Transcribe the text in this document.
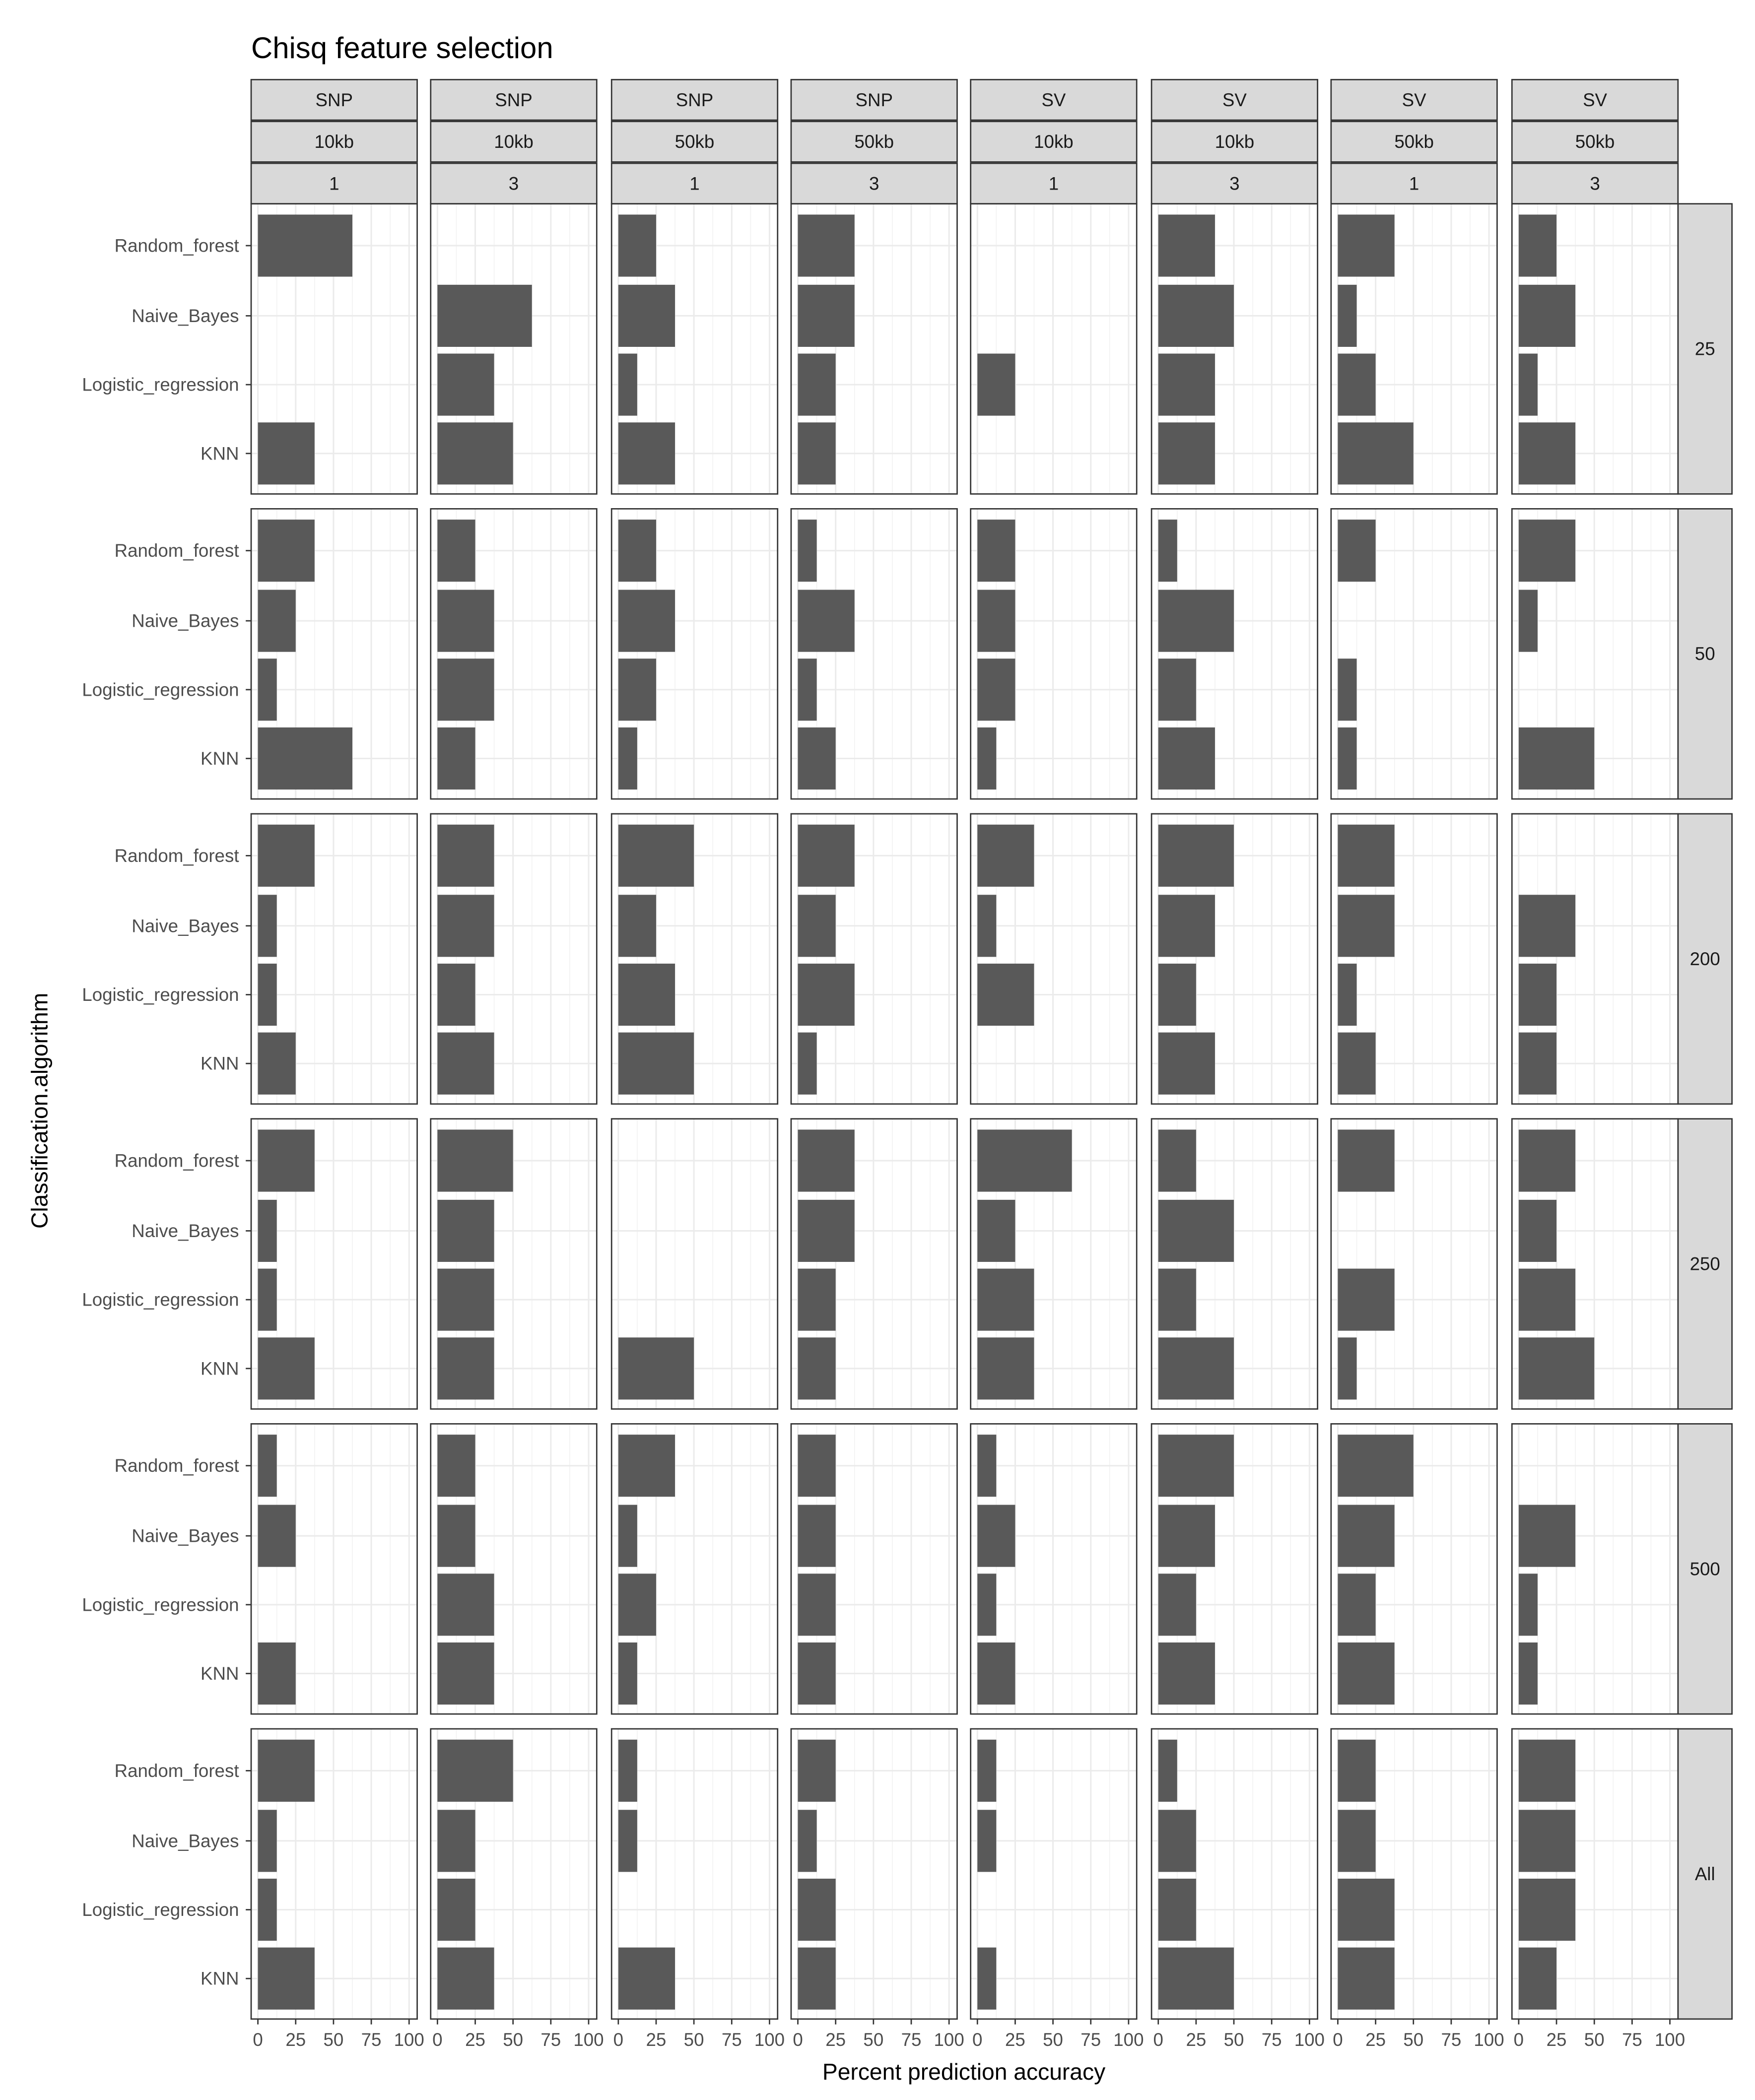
Chisq feature selection
Percent prediction accuracy
Classification.algorithm
SNP
10kb
1
SNP
10kb
3
SNP
50kb
1
SNP
50kb
3
SV
10kb
1
SV
10kb
3
SV
50kb
1
SV
50kb
3
25
Random_forest
Naive_Bayes
Logistic_regression
KNN
50
Random_forest
Naive_Bayes
Logistic_regression
KNN
200
Random_forest
Naive_Bayes
Logistic_regression
KNN
250
Random_forest
Naive_Bayes
Logistic_regression
KNN
500
Random_forest
Naive_Bayes
Logistic_regression
KNN
All
Random_forest
Naive_Bayes
Logistic_regression
KNN
0	25	50	75 100 0	25	50	75 100 0	25	50	75 100 0	25	50	75 100 0	25	50	75 100 0	25	50	75 100 0	25	50	75 100 0	25	50	75 100
